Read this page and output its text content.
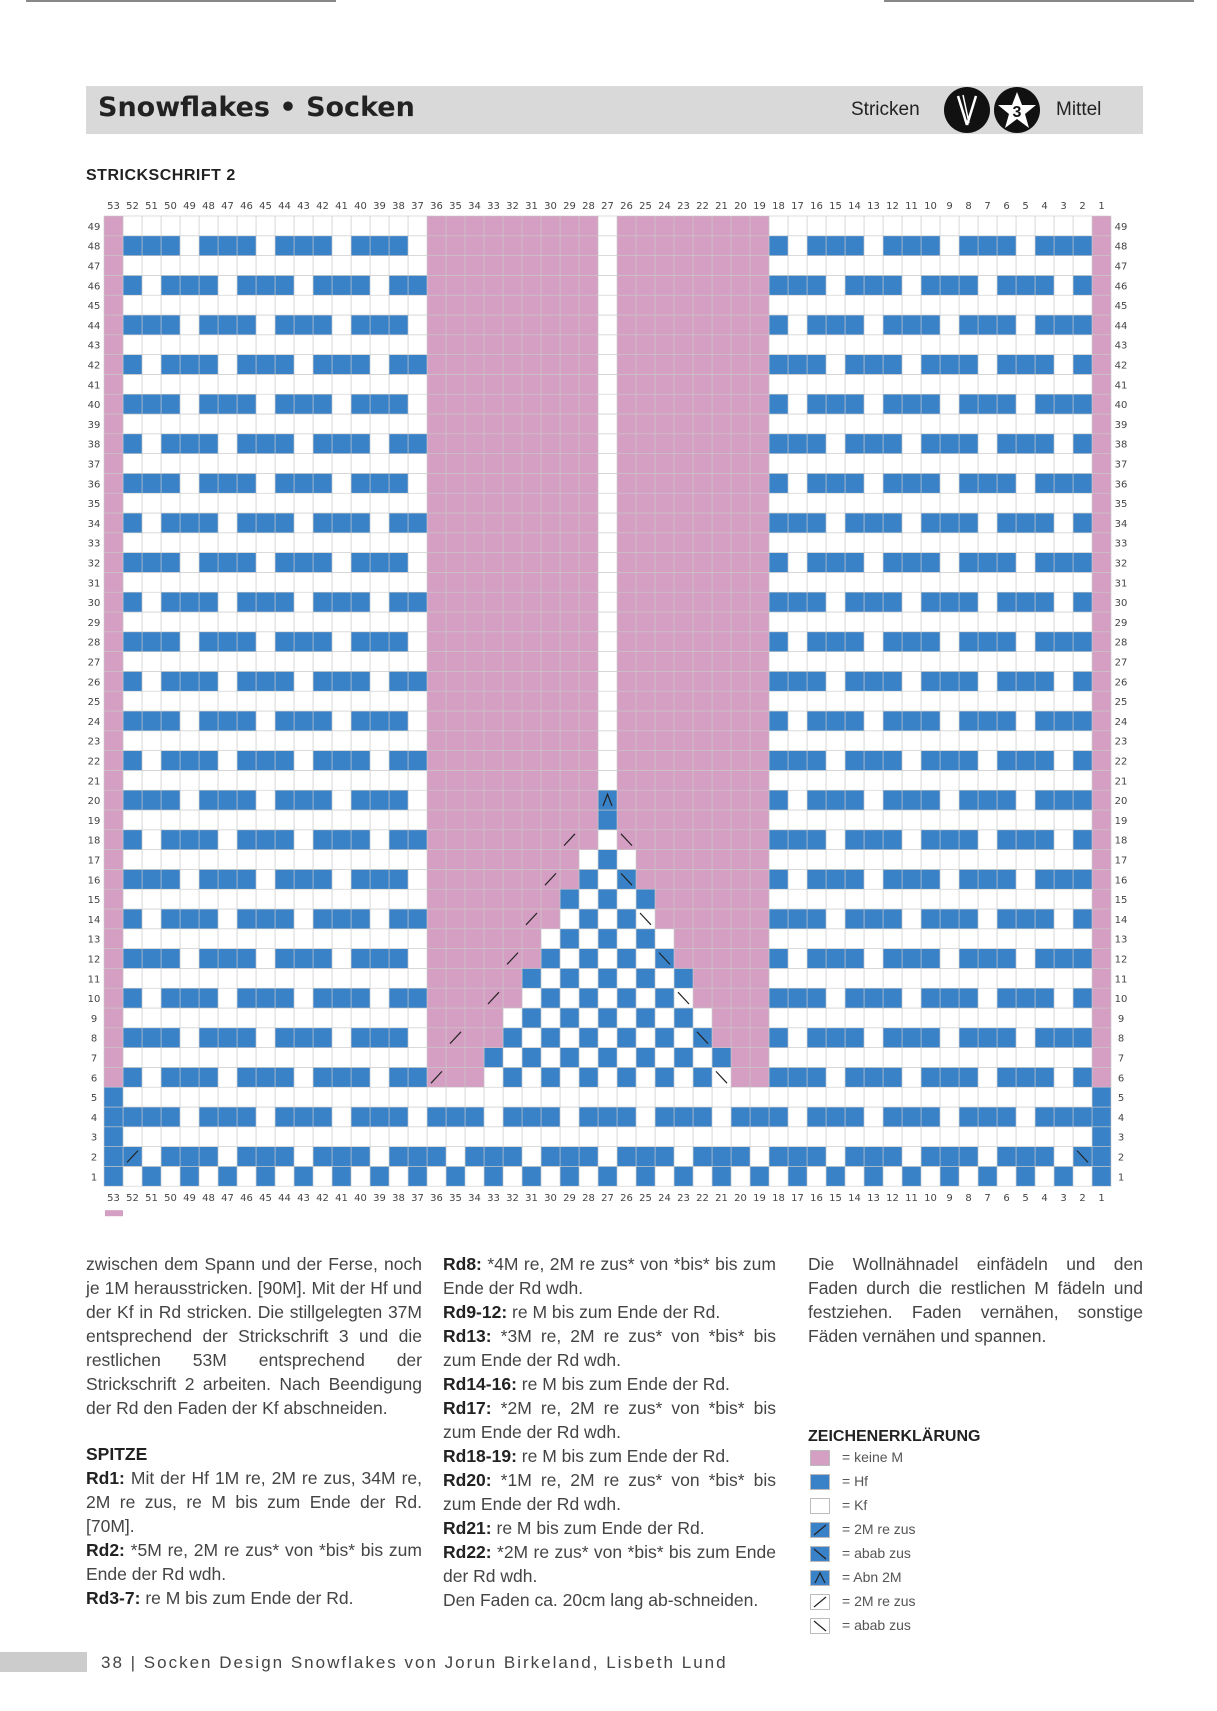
Snowflakes • Socken	Stricken	3 Mittel
STRICKSCHRIFT 2
1
1
2
2
3
3
4
4
5
5
6
6
7
7
8
8
9
9
10
10
11
11
12
12
13
13
14
14
15
15
16
16
17
17
18
18
19
19
20
20
21
21
22
22
23
23
24
24
25
25
26
26
27
27
28
28
29
29
30
30
31
31
32
32
33
33
34
34
35
35
36
36
37
37
38
38
39
39
40
40
41
41
42
42
43
43
44
44
45
45
46
46
47
47
48
48
49
49
50
50
51
51
52
52
53
53
1	1
2	2
3	3
4	4
5	5
6	6
7	7
8	8
9	9
10	10
11	11
12	12
13	13
14	14
15	15
16	16
17	17
18	18
19	19
20	20
21	21
22	22
23	23
24	24
25	25
26	26
27	27
28	28
29	29
30	30
31	31
32	32
33	33
34	34
35	35
36	36
37	37
38	38
39	39
40	40
41	41
42	42
43	43
44	44
45	45
46	46
47	47
48	48
49	49

zwischen dem Spann und der Ferse, noch je 1M herausstricken. [90M]. Mit der Hf und der Kf in Rd stricken. Die stillgelegten 37M entsprechend der Strickschrift 3 und die restlichen 53M entsprechend der Strickschrift 2 arbeiten. Nach Beendigung der Rd den Faden der Kf abschneiden.

SPITZE

Rd1: Mit der Hf 1M re, 2M re zus, 34M re, 2M re zus, re M bis zum Ende der Rd. [70M].

Rd2: *5M re, 2M re zus* von *bis* bis zum Ende der Rd wdh.

Rd3-7: re M bis zum Ende der Rd.

Rd8: *4M re, 2M re zus* von *bis* bis zum Ende der Rd wdh.

Rd9-12: re M bis zum Ende der Rd.

Rd13: *3M re, 2M re zus* von *bis* bis zum Ende der Rd wdh.

Rd14-16: re M bis zum Ende der Rd.

Rd17: *2M re, 2M re zus* von *bis* bis zum Ende der Rd wdh.

Rd18-19: re M bis zum Ende der Rd.

Rd20: *1M re, 2M re zus* von *bis* bis zum Ende der Rd wdh.

Rd21: re M bis zum Ende der Rd.

Rd22: *2M re zus* von *bis* bis zum Ende der Rd wdh.

Den Faden ca. 20cm lang ab-schneiden.

Die Wollnähnadel einfädeln und den Faden durch die restlichen M fädeln und festziehen. Faden vernähen, sonstige Fäden vernähen und spannen.

ZEICHENERKLÄRUNG
= keine M
= Hf
= Kf
= 2M re zus
= abab zus
= Abn 2M
= 2M re zus
= abab zus
38 | Socken Design Snowflakes von Jorun Birkeland, Lisbeth Lund
